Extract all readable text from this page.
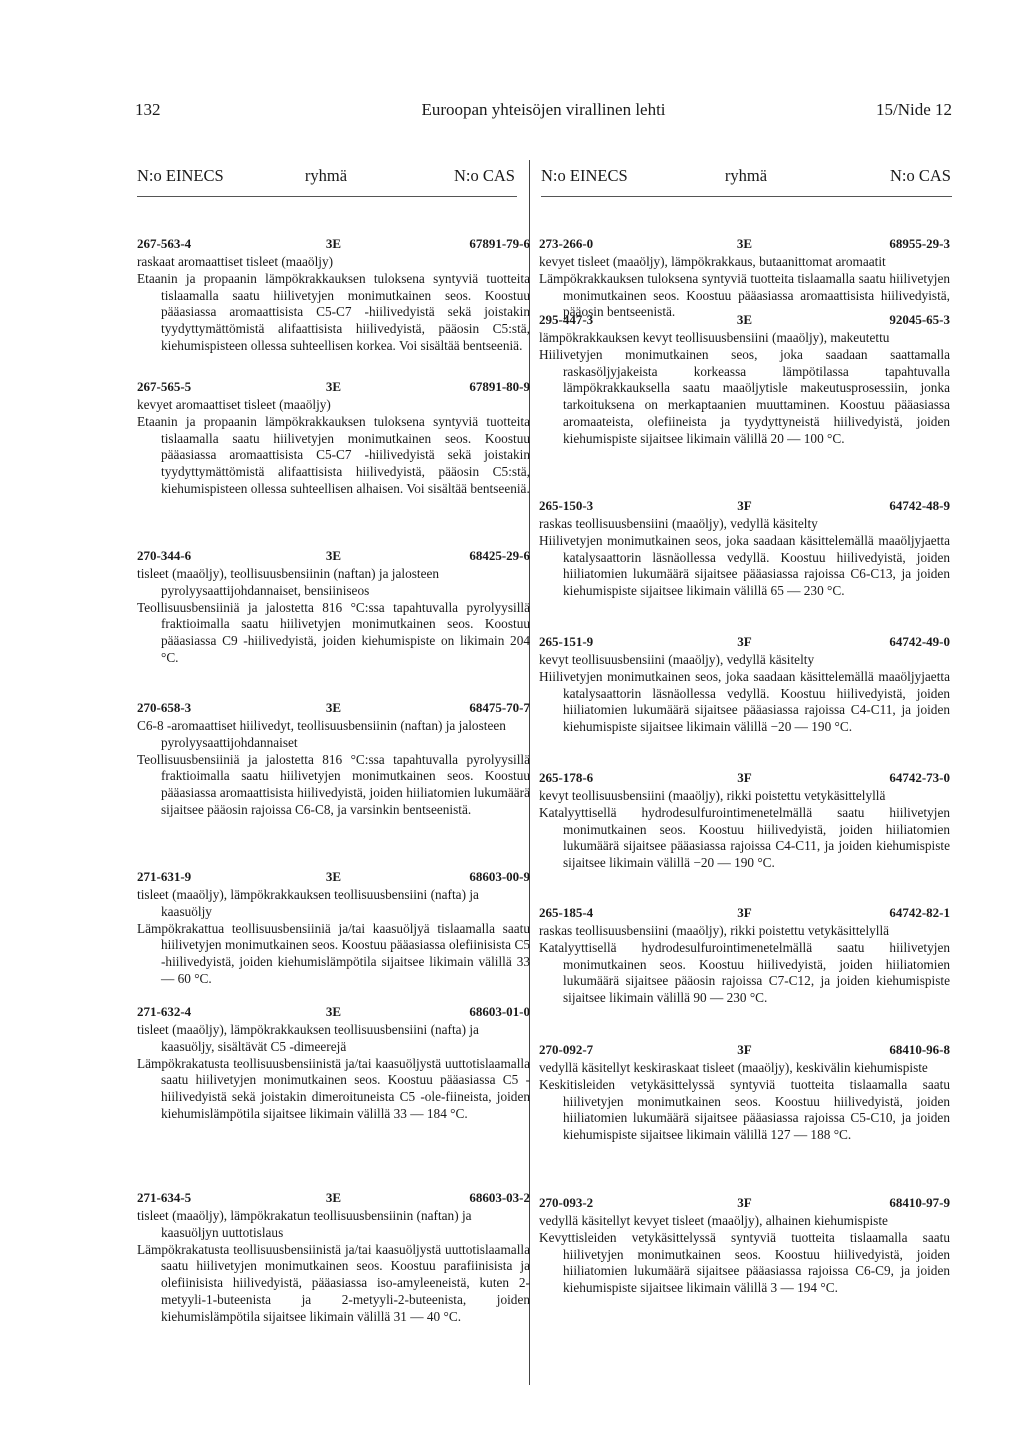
132	Euroopan yhteisöjen virallinen lehti	15/Nide 12
N:o EINECS	ryhmä	N:o CAS N:o EINECS	ryhmä	N:o CAS
267-563-4	3E	67891-79-6
raskaat aromaattiset tisleet (maaöljy)
Etaanin ja propaanin lämpökrakkauksen tuloksena syntyviä tuotteita tislaamalla saatu hiilivetyjen monimutkainen seos. Koostuu pääasiassa aromaattisista C5-C7 -hiilivedyistä sekä joistakin tyydyttymättömistä alifaattisista hiilivedyistä, pääosin C5:stä, kiehumispisteen ollessa suhteellisen korkea. Voi sisältää bentseeniä.
267-565-5	3E	67891-80-9
kevyet aromaattiset tisleet (maaöljy)
Etaanin ja propaanin lämpökrakkauksen tuloksena syntyviä tuotteita tislaamalla saatu hiilivetyjen monimutkainen seos. Koostuu pääasiassa aromaattisista C5-C7 -hiilivedyistä sekä joistakin tyydyttymättömistä alifaattisista hiilivedyistä, pääosin C5:stä, kiehumispisteen ollessa suhteellisen alhaisen. Voi sisältää bentseeniä.
270-344-6	3E	68425-29-6
tisleet (maaöljy), teollisuusbensiinin (naftan) ja jalosteen pyrolyysaattijohdannaiset, bensiiniseos
Teollisuusbensiiniä ja jalostetta 816 °C:ssa tapahtuvalla pyrolyysillä fraktioimalla saatu hiilivetyjen monimutkainen seos. Koostuu pääasiassa C9 -hiilivedyistä, joiden kiehumispiste on likimain 204 °C.
270-658-3	3E	68475-70-7
C6-8 -aromaattiset hiilivedyt, teollisuusbensiinin (naftan) ja jalosteen pyrolyysaattijohdannaiset
Teollisuusbensiiniä ja jalostetta 816 °C:ssa tapahtuvalla pyrolyysillä fraktioimalla saatu hiilivetyjen monimutkainen seos. Koostuu pääasiassa aromaattisista hiilivedyistä, joiden hiiliatomien lukumäärä sijaitsee pääosin rajoissa C6-C8, ja varsinkin bentseenistä.
271-631-9	3E	68603-00-9
tisleet (maaöljy), lämpökrakkauksen teollisuusbensiini (nafta) ja kaasuöljy
Lämpökrakattua teollisuusbensiiniä ja/tai kaasuöljyä tislaamalla saatu hiilivetyjen monimutkainen seos. Koostuu pääasiassa olefiinisista C5 -hiilivedyistä, joiden kiehumislämpötila sijaitsee likimain välillä 33 — 60 °C.
271-632-4	3E	68603-01-0
tisleet (maaöljy), lämpökrakkauksen teollisuusbensiini (nafta) ja kaasuöljy, sisältävät C5 -dimeerejä
Lämpökrakatusta teollisuusbensiinistä ja/tai kaasuöljystä uuttotislaamalla saatu hiilivetyjen monimutkainen seos. Koostuu pääasiassa C5 -hiilivedyistä sekä joistakin dimeroituneista C5 -ole-fiineista, joiden kiehumislämpötila sijaitsee likimain välillä 33 — 184 °C.
271-634-5	3E	68603-03-2
tisleet (maaöljy), lämpökrakatun teollisuusbensiinin (naftan) ja kaasuöljyn uuttotislaus
Lämpökrakatusta teollisuusbensiinistä ja/tai kaasuöljystä uuttotislaamalla saatu hiilivetyjen monimutkainen seos. Koostuu parafiinisista ja olefiinisista hiilivedyistä, pääasiassa iso-amyleeneistä, kuten 2-metyyli-1-buteenista ja 2-metyyli-2-buteenista, joiden kiehumislämpötila sijaitsee likimain välillä 31 — 40 °C.
273-266-0	3E	68955-29-3
kevyet tisleet (maaöljy), lämpökrakkaus, butaanittomat aromaatit
Lämpökrakkauksen tuloksena syntyviä tuotteita tislaamalla saatu hiilivetyjen monimutkainen seos. Koostuu pääasiassa aromaattisista hiilivedyistä, pääosin bentseenistä.
295-447-3	3E	92045-65-3
lämpökrakkauksen kevyt teollisuusbensiini (maaöljy), makeutettu
Hiilivetyjen monimutkainen seos, joka saadaan saattamalla raskasöljyjakeista korkeassa lämpötilassa tapahtuvalla lämpökrakkauksella saatu maaöljytisle makeutusprosessiin, jonka tarkoituksena on merkaptaanien muuttaminen. Koostuu pääasiassa aromaateista, olefiineista ja tyydyttyneistä hiilivedyistä, joiden kiehumispiste sijaitsee likimain välillä 20 — 100 °C.
265-150-3	3F	64742-48-9
raskas teollisuusbensiini (maaöljy), vedyllä käsitelty
Hiilivetyjen monimutkainen seos, joka saadaan käsittelemällä maaöljyjaetta katalysaattorin läsnäollessa vedyllä. Koostuu hiilivedyistä, joiden hiiliatomien lukumäärä sijaitsee pääasiassa rajoissa C6-C13, ja joiden kiehumispiste sijaitsee likimain välillä 65 — 230 °C.
265-151-9	3F	64742-49-0
kevyt teollisuusbensiini (maaöljy), vedyllä käsitelty
Hiilivetyjen monimutkainen seos, joka saadaan käsittelemällä maaöljyjaetta katalysaattorin läsnäollessa vedyllä. Koostuu hiilivedyistä, joiden hiiliatomien lukumäärä sijaitsee pääasiassa rajoissa C4-C11, ja joiden kiehumispiste sijaitsee likimain välillä −20 — 190 °C.
265-178-6	3F	64742-73-0
kevyt teollisuusbensiini (maaöljy), rikki poistettu vetykäsittelyllä
Katalyyttisellä hydrodesulfurointimenetelmällä saatu hiilivetyjen monimutkainen seos. Koostuu hiilivedyistä, joiden hiiliatomien lukumäärä sijaitsee pääasiassa rajoissa C4-C11, ja joiden kiehumispiste sijaitsee likimain välillä −20 — 190 °C.
265-185-4	3F	64742-82-1
raskas teollisuusbensiini (maaöljy), rikki poistettu vetykäsittelyllä
Katalyyttisellä hydrodesulfurointimenetelmällä saatu hiilivetyjen monimutkainen seos. Koostuu hiilivedyistä, joiden hiiliatomien lukumäärä sijaitsee pääosin rajoissa C7-C12, ja joiden kiehumispiste sijaitsee likimain välillä 90 — 230 °C.
270-092-7	3F	68410-96-8
vedyllä käsitellyt keskiraskaat tisleet (maaöljy), keskivälin kiehumispiste
Keskitisleiden vetykäsittelyssä syntyviä tuotteita tislaamalla saatu hiilivetyjen monimutkainen seos. Koostuu hiilivedyistä, joiden hiiliatomien lukumäärä sijaitsee pääasiassa rajoissa C5-C10, ja joiden kiehumispiste sijaitsee likimain välillä 127 — 188 °C.
270-093-2	3F	68410-97-9
vedyllä käsitellyt kevyet tisleet (maaöljy), alhainen kiehumispiste
Kevyttisleiden vetykäsittelyssä syntyviä tuotteita tislaamalla saatu hiilivetyjen monimutkainen seos. Koostuu hiilivedyistä, joiden hiiliatomien lukumäärä sijaitsee pääasiassa rajoissa C6-C9, ja joiden kiehumispiste sijaitsee likimain välillä 3 — 194 °C.
